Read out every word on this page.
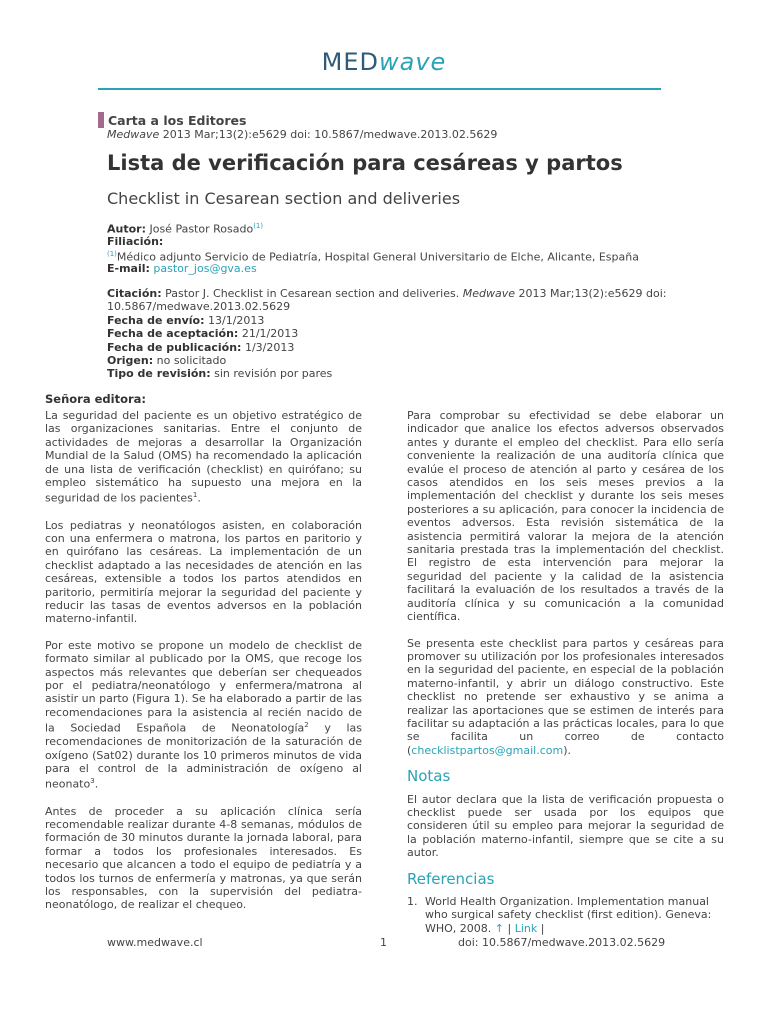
MEDwave
Carta a los Editores
Medwave 2013 Mar;13(2):e5629 doi: 10.5867/medwave.2013.02.5629
Lista de verificación para cesáreas y partos
Checklist in Cesarean section and deliveries
Autor: José Pastor Rosado$^{(1)}$
Filiación:
$^{(1)}$Médico adjunto Servicio de Pediatría, Hospital General Universitario de Elche, Alicante, España
E-mail: pastor_jos@gva.es
Citación: Pastor J. Checklist in Cesarean section and deliveries. Medwave 2013 Mar;13(2):e5629 doi:
10.5867/medwave.2013.02.5629
Fecha de envío: 13/1/2013
Fecha de aceptación: 21/1/2013
Fecha de publicación: 1/3/2013
Origen: no solicitado
Tipo de revisión: sin revisión por pares
Señora editora:

La seguridad del paciente es un objetivo estratégico de las organizaciones sanitarias. Entre el conjunto de actividades de mejoras a desarrollar la Organización Mundial de la Salud (OMS) ha recomendado la aplicación de una lista de verificación (checklist) en quirófano; su empleo sistemático ha supuesto una mejora en la seguridad de los pacientes$^1$.

Los pediatras y neonatólogos asisten, en colaboración con una enfermera o matrona, los partos en paritorio y en quirófano las cesáreas. La implementación de un checklist adaptado a las necesidades de atención en las cesáreas, extensible a todos los partos atendidos en paritorio, permitiría mejorar la seguridad del paciente y reducir las tasas de eventos adversos en la población materno-infantil.

Por este motivo se propone un modelo de checklist de formato similar al publicado por la OMS, que recoge los aspectos más relevantes que deberían ser chequeados por el pediatra/neonatólogo y enfermera/matrona al asistir un parto (Figura 1). Se ha elaborado a partir de las recomendaciones para la asistencia al recién nacido de la Sociedad Española de Neonatología$^2$ y las recomendaciones de monitorización de la saturación de oxígeno (Sat02) durante los 10 primeros minutos de vida para el control de la administración de oxígeno al neonato$^3$.

Antes de proceder a su aplicación clínica sería recomendable realizar durante 4-8 semanas, módulos de formación de 30 minutos durante la jornada laboral, para formar a todos los profesionales interesados. Es necesario que alcancen a todo el equipo de pediatría y a todos los turnos de enfermería y matronas, ya que serán los responsables, con la supervisión del pediatra-neonatólogo, de realizar el chequeo.

Para comprobar su efectividad se debe elaborar un indicador que analice los efectos adversos observados antes y durante el empleo del checklist. Para ello sería conveniente la realización de una auditoría clínica que evalúe el proceso de atención al parto y cesárea de los casos atendidos en los seis meses previos a la implementación del checklist y durante los seis meses posteriores a su aplicación, para conocer la incidencia de eventos adversos. Esta revisión sistemática de la asistencia permitirá valorar la mejora de la atención sanitaria prestada tras la implementación del checklist. El registro de esta intervención para mejorar la seguridad del paciente y la calidad de la asistencia facilitará la evaluación de los resultados a través de la auditoría clínica y su comunicación a la comunidad científica.

Se presenta este checklist para partos y cesáreas para promover su utilización por los profesionales interesados en la seguridad del paciente, en especial de la población materno-infantil, y abrir un diálogo constructivo. Este checklist no pretende ser exhaustivo y se anima a realizar las aportaciones que se estimen de interés para facilitar su adaptación a las prácticas locales, para lo que se facilita un correo de contacto (checklistpartos@gmail.com).

Notas

El autor declara que la lista de verificación propuesta o checklist puede ser usada por los equipos que consideren útil su empleo para mejorar la seguridad de la población materno-infantil, siempre que se cite a su autor.

Referencias
1. World Health Organization. Implementation manual who surgical safety checklist (first edition). Geneva: WHO, 2008. ↑ | Link |
www.medwave.cl	1	doi: 10.5867/medwave.2013.02.5629
